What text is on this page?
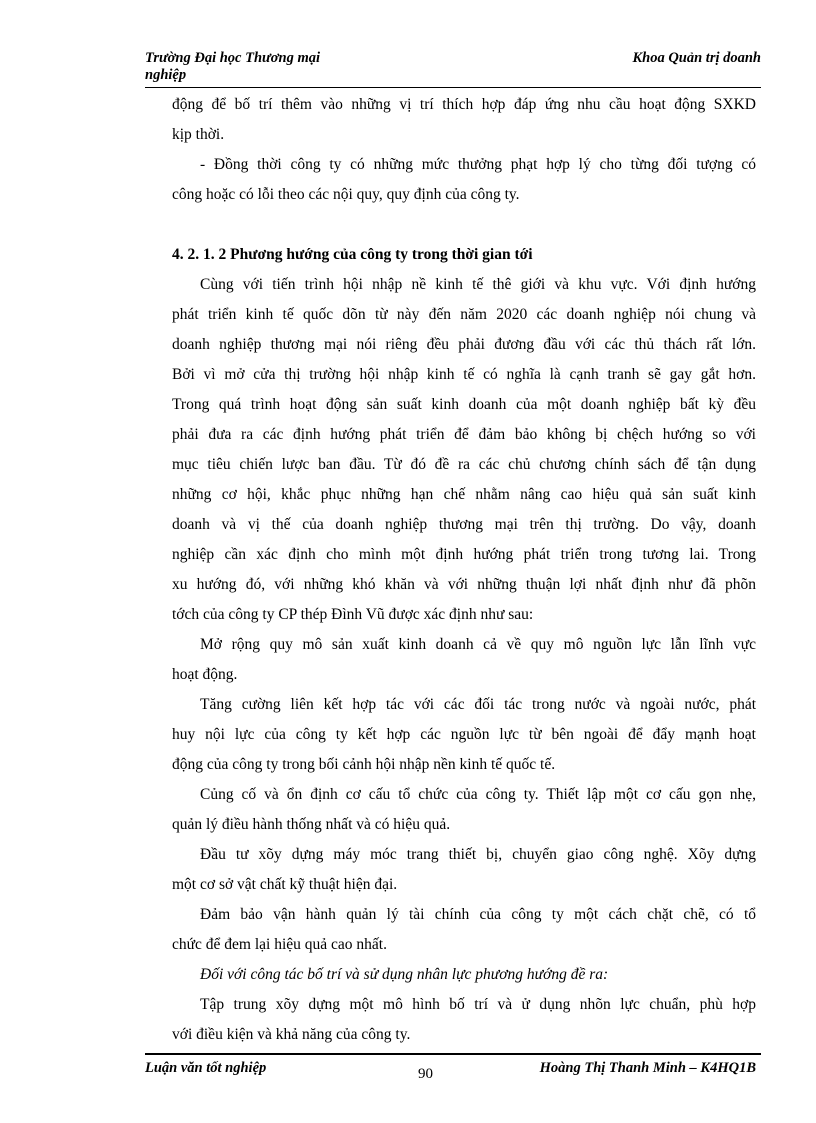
Trường Đại học Thương mại nghiệp
Khoa Quản trị doanh
động để bố trí thêm vào những vị trí thích hợp đáp ứng nhu cầu hoạt động SXKD
kịp thời.
- Đồng thời công ty có những mức thưởng phạt hợp lý cho từng đối tượng có
công hoặc có lỗi theo các nội quy, quy định của công ty.
4. 2. 1. 2 Phương hướng của công ty trong thời gian tới
Cùng với tiến trình hội nhập nề kinh tế thê giới và khu vực. Với định hướng
phát triển kinh tế quốc dõn từ này đến năm 2020 các doanh nghiệp nói chung và
doanh nghiệp thương mại nói riêng đều phải đương đầu với các thủ thách rất lớn.
Bởi vì mở cửa thị trường hội nhập kinh tế có nghĩa là cạnh tranh sẽ gay gắt hơn.
Trong quá trình hoạt động sản suất kinh doanh của một doanh nghiệp bất kỳ đều
phải đưa ra các định hướng phát triển để đảm bảo không bị chệch hướng so với
mục tiêu chiến lược ban đầu. Từ đó đề ra các chủ chương chính sách để tận dụng
những cơ hội, khắc phục những hạn chế nhằm nâng cao hiệu quả sản suất kinh
doanh và vị thế của doanh nghiệp thương mại trên thị trường. Do vậy, doanh
nghiệp cần xác định cho mình một định hướng phát triển trong tương lai. Trong
xu hướng đó, với những khó khăn và với những thuận lợi nhất định như đã phõn
tớch của công ty CP thép Đình Vũ được xác định như sau:
Mở rộng quy mô sản xuất kinh doanh cả về quy mô nguồn lực lẫn lĩnh vực
hoạt động.
Tăng cường liên kết hợp tác với các đối tác trong nước và ngoài nước, phát
huy nội lực của công ty kết hợp các nguồn lực từ bên ngoài để đẩy mạnh hoạt
động của công ty trong bối cảnh hội nhập nền kinh tế quốc tế.
Củng cố và ổn định cơ cấu tổ chức của công ty. Thiết lập một cơ cấu gọn nhẹ,
quản lý điều hành thống nhất và có hiệu quả.
Đầu tư xõy dựng máy móc trang thiết bị, chuyển giao công nghệ. Xõy dựng
một cơ sở vật chất kỹ thuật hiện đại.
Đảm bảo vận hành quản lý tài chính của công ty một cách chặt chẽ, có tổ
chức để đem lại hiệu quả cao nhất.
Đối với công tác bố trí và sử dụng nhân lực phương hướng đề ra:
Tập trung xõy dựng một mô hình bố trí và ử dụng nhõn lực chuẩn, phù hợp
với điều kiện và khả năng của công ty.
Luận văn tốt nghiệp	90	Hoàng Thị Thanh Minh – K4HQ1B
